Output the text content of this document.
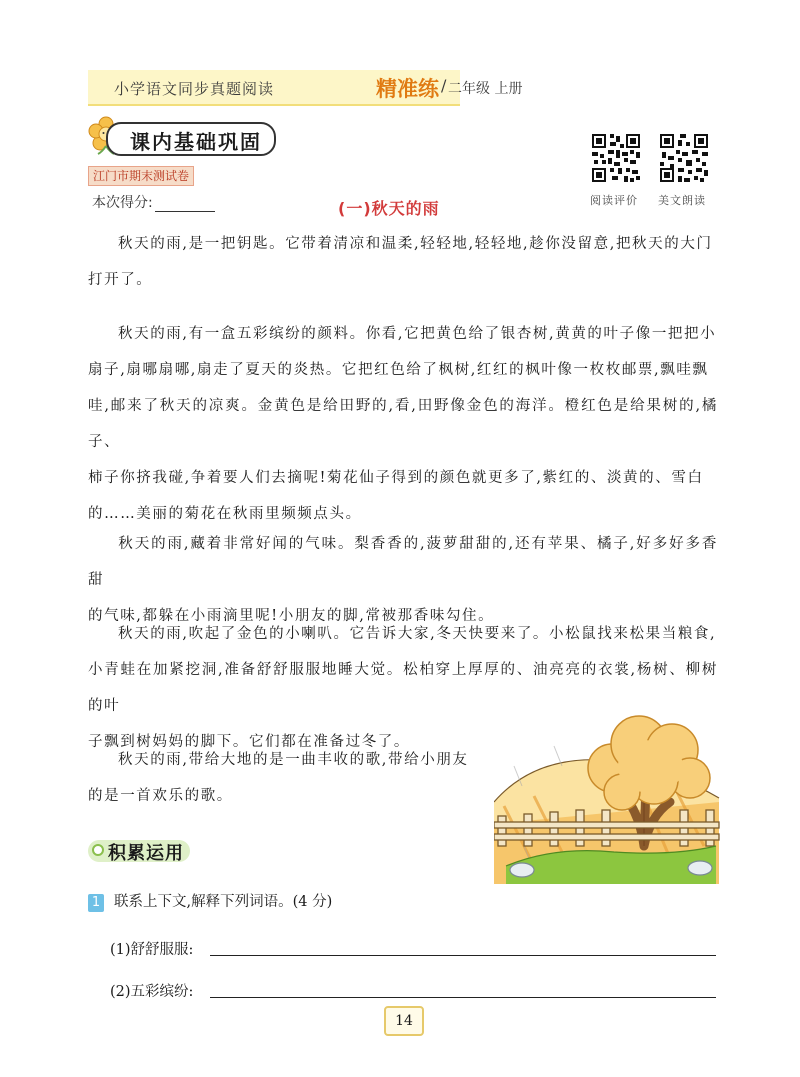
小学语文同步真题阅读	精准练 / 二年级 上册
课内基础巩固
江门市期末测试卷
本次得分:	阅读评价	美文朗读
(一)秋天的雨
秋天的雨,是一把钥匙。它带着清凉和温柔,轻轻地,轻轻地,趁你没留意,把秋天的大门
打开了。
秋天的雨,有一盒五彩缤纷的颜料。你看,它把黄色给了银杏树,黄黄的叶子像一把把小
扇子,扇哪扇哪,扇走了夏天的炎热。它把红色给了枫树,红红的枫叶像一枚枚邮票,飘哇飘
哇,邮来了秋天的凉爽。金黄色是给田野的,看,田野像金色的海洋。橙红色是给果树的,橘子、
柿子你挤我碰,争着要人们去摘呢!菊花仙子得到的颜色就更多了,紫红的、淡黄的、雪白
的……美丽的菊花在秋雨里频频点头。
秋天的雨,藏着非常好闻的气味。梨香香的,菠萝甜甜的,还有苹果、橘子,好多好多香甜
的气味,都躲在小雨滴里呢!小朋友的脚,常被那香味勾住。
秋天的雨,吹起了金色的小喇叭。它告诉大家,冬天快要来了。小松鼠找来松果当粮食,
小青蛙在加紧挖洞,准备舒舒服服地睡大觉。松柏穿上厚厚的、油亮亮的衣裳,杨树、柳树的叶
子飘到树妈妈的脚下。它们都在准备过冬了。
秋天的雨,带给大地的是一曲丰收的歌,带给小朋友
的是一首欢乐的歌。
积累运用
1 联系上下文,解释下列词语。(4 分)
(1)舒舒服服:
(2)五彩缤纷:
14
